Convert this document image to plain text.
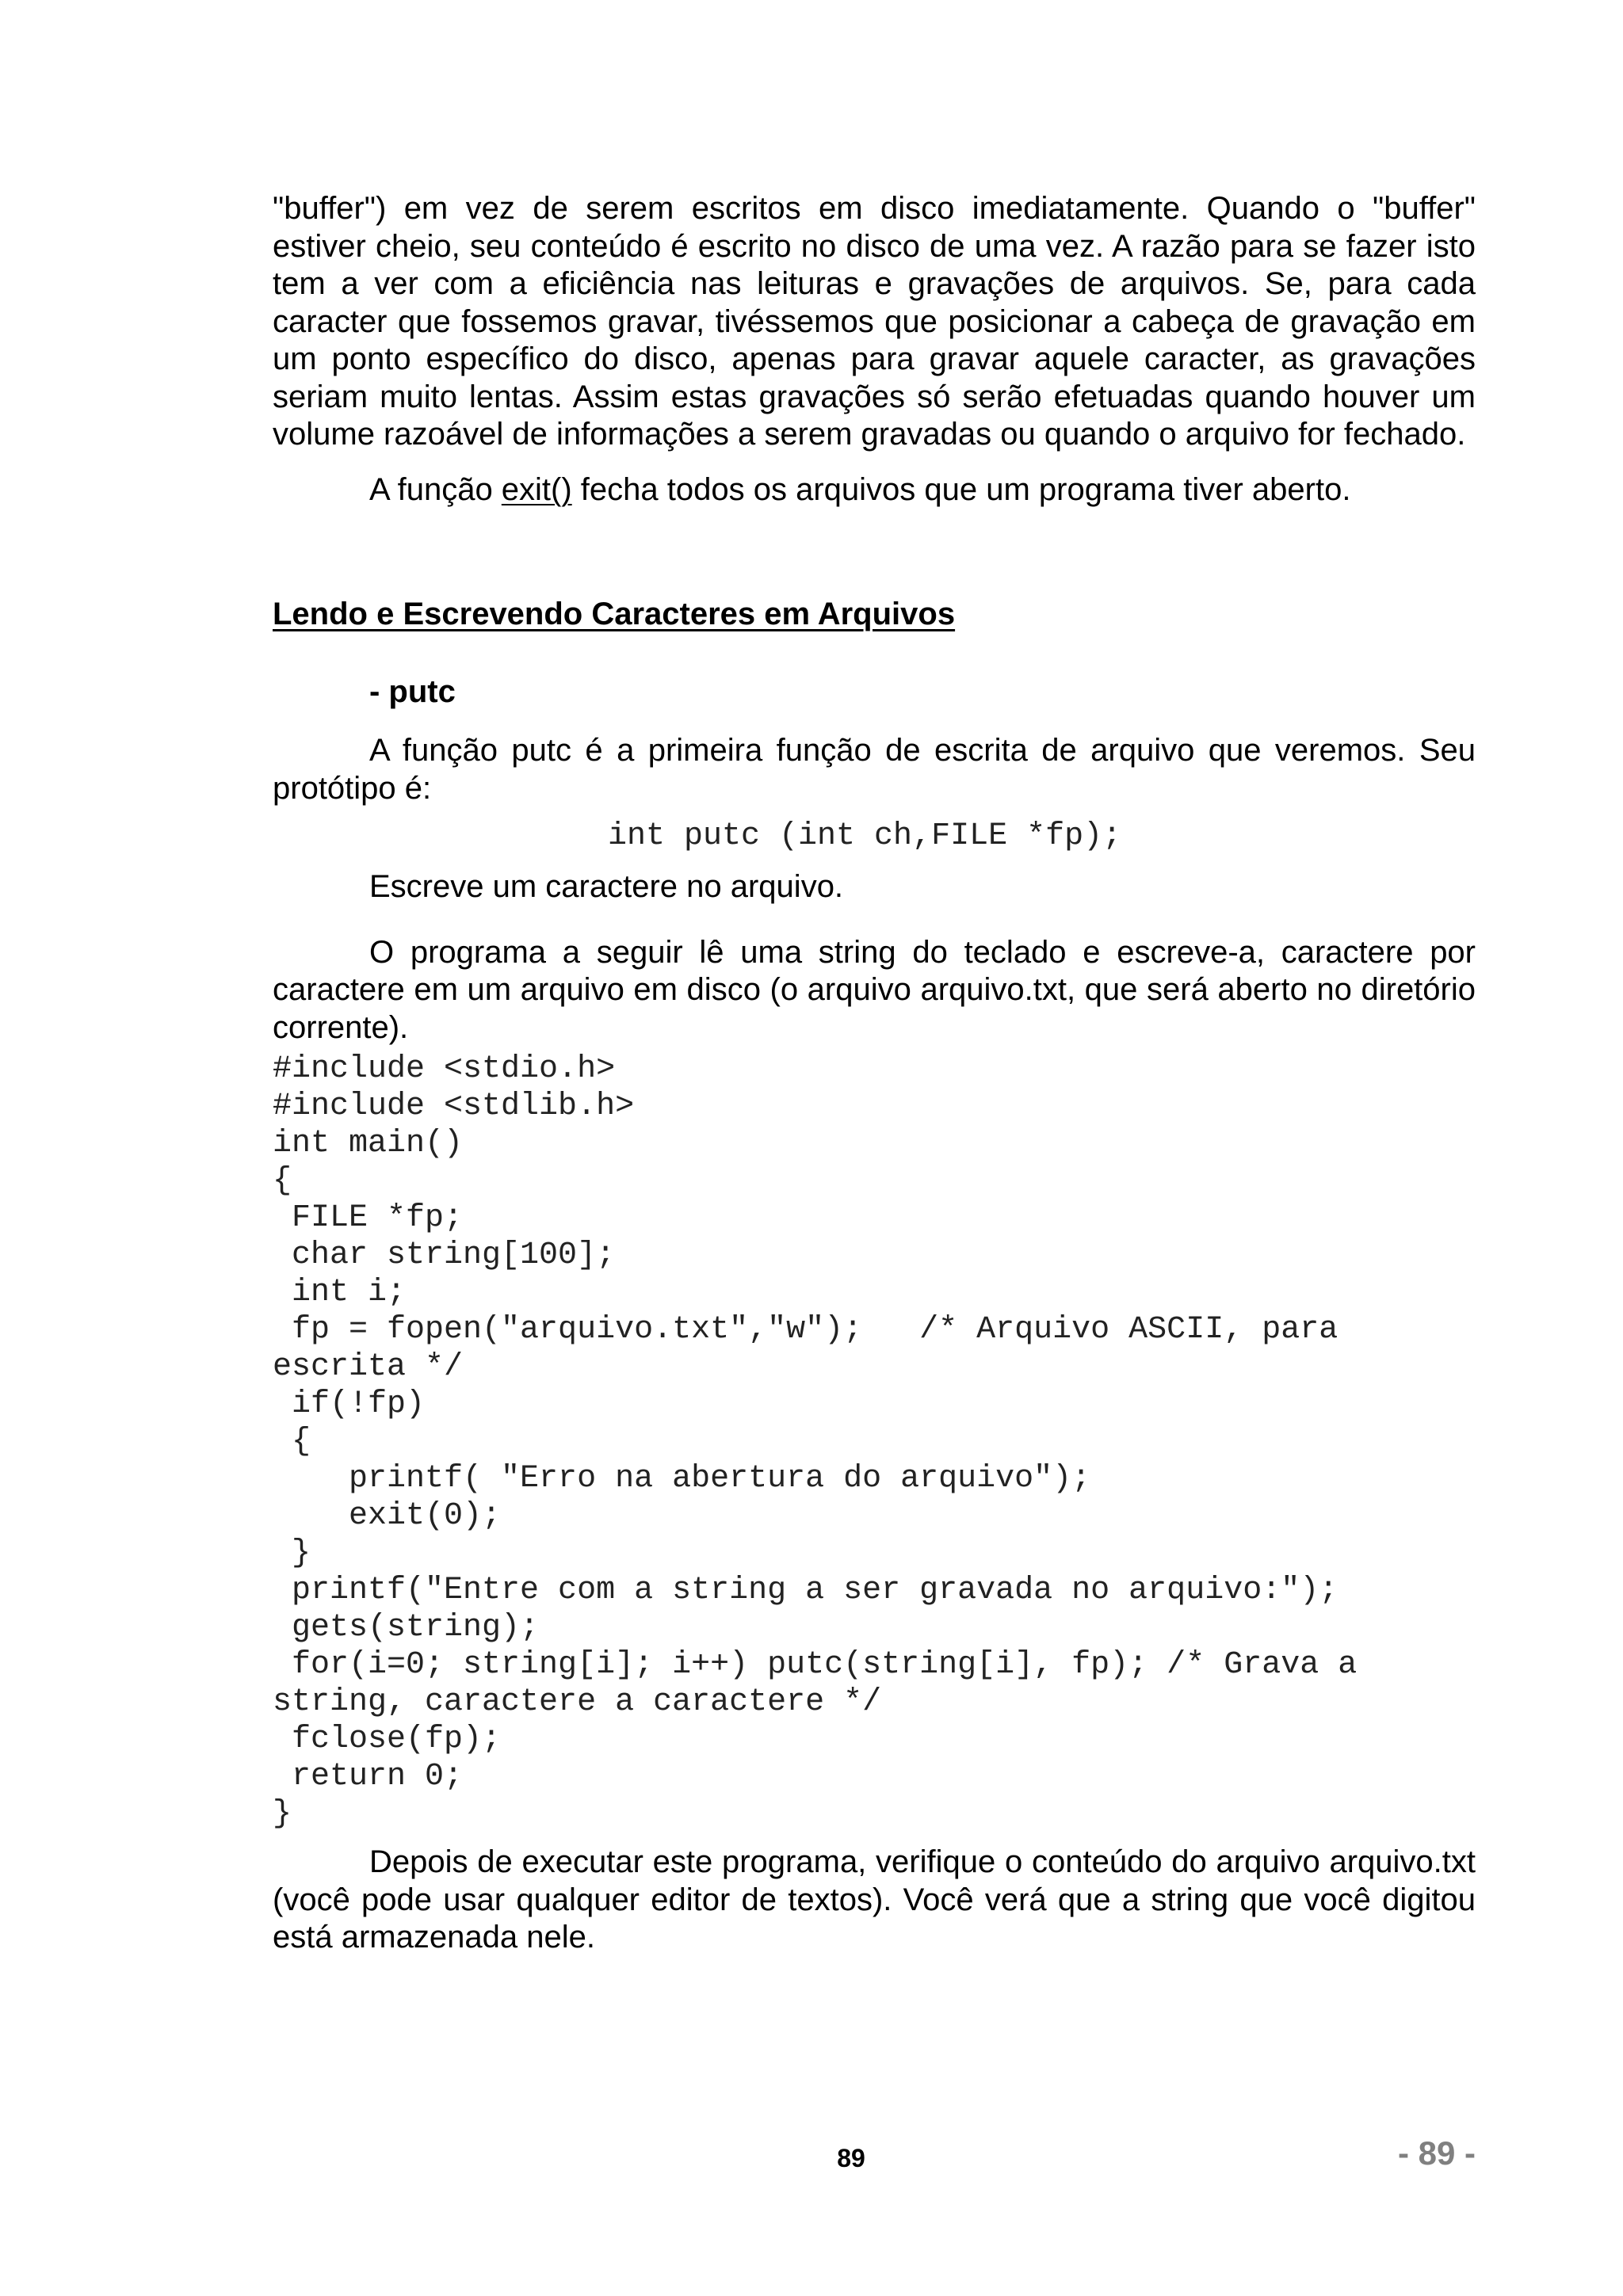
"buffer") em vez de serem escritos em disco imediatamente. Quando o "buffer" estiver cheio, seu conteúdo é escrito no disco de uma vez. A razão para se fazer isto tem a ver com a eficiência nas leituras e gravações de arquivos. Se, para cada caracter que fossemos gravar, tivéssemos que posicionar a cabeça de gravação em um ponto específico do disco, apenas para gravar aquele caracter, as gravações seriam muito lentas. Assim estas gravações só serão efetuadas quando houver um volume razoável de informações a serem gravadas ou quando o arquivo for fechado.

A função exit() fecha todos os arquivos que um programa tiver aberto.

Lendo e Escrevendo Caracteres em Arquivos
- putc

A função putc é a primeira função de escrita de arquivo que veremos. Seu protótipo é:

int putc (int ch,FILE *fp);

Escreve um caractere no arquivo.

O programa a seguir lê uma string do teclado e escreve-a, caractere por caractere em um arquivo em disco (o arquivo arquivo.txt, que será aberto no diretório corrente).

#include <stdio.h>
#include <stdlib.h>
int main()
{
FILE *fp;
char string[100];
int i;
fp = fopen("arquivo.txt","w");   /* Arquivo ASCII, para
escrita */
if(!fp)
{
printf( "Erro na abertura do arquivo");
exit(0);
}
printf("Entre com a string a ser gravada no arquivo:");
gets(string);
for(i=0; string[i]; i++) putc(string[i], fp); /* Grava a
string, caractere a caractere */
fclose(fp);
return 0;
}

Depois de executar este programa, verifique o conteúdo do arquivo arquivo.txt (você pode usar qualquer editor de textos). Você verá que a string que você digitou está armazenada nele.

89	- 89 -
